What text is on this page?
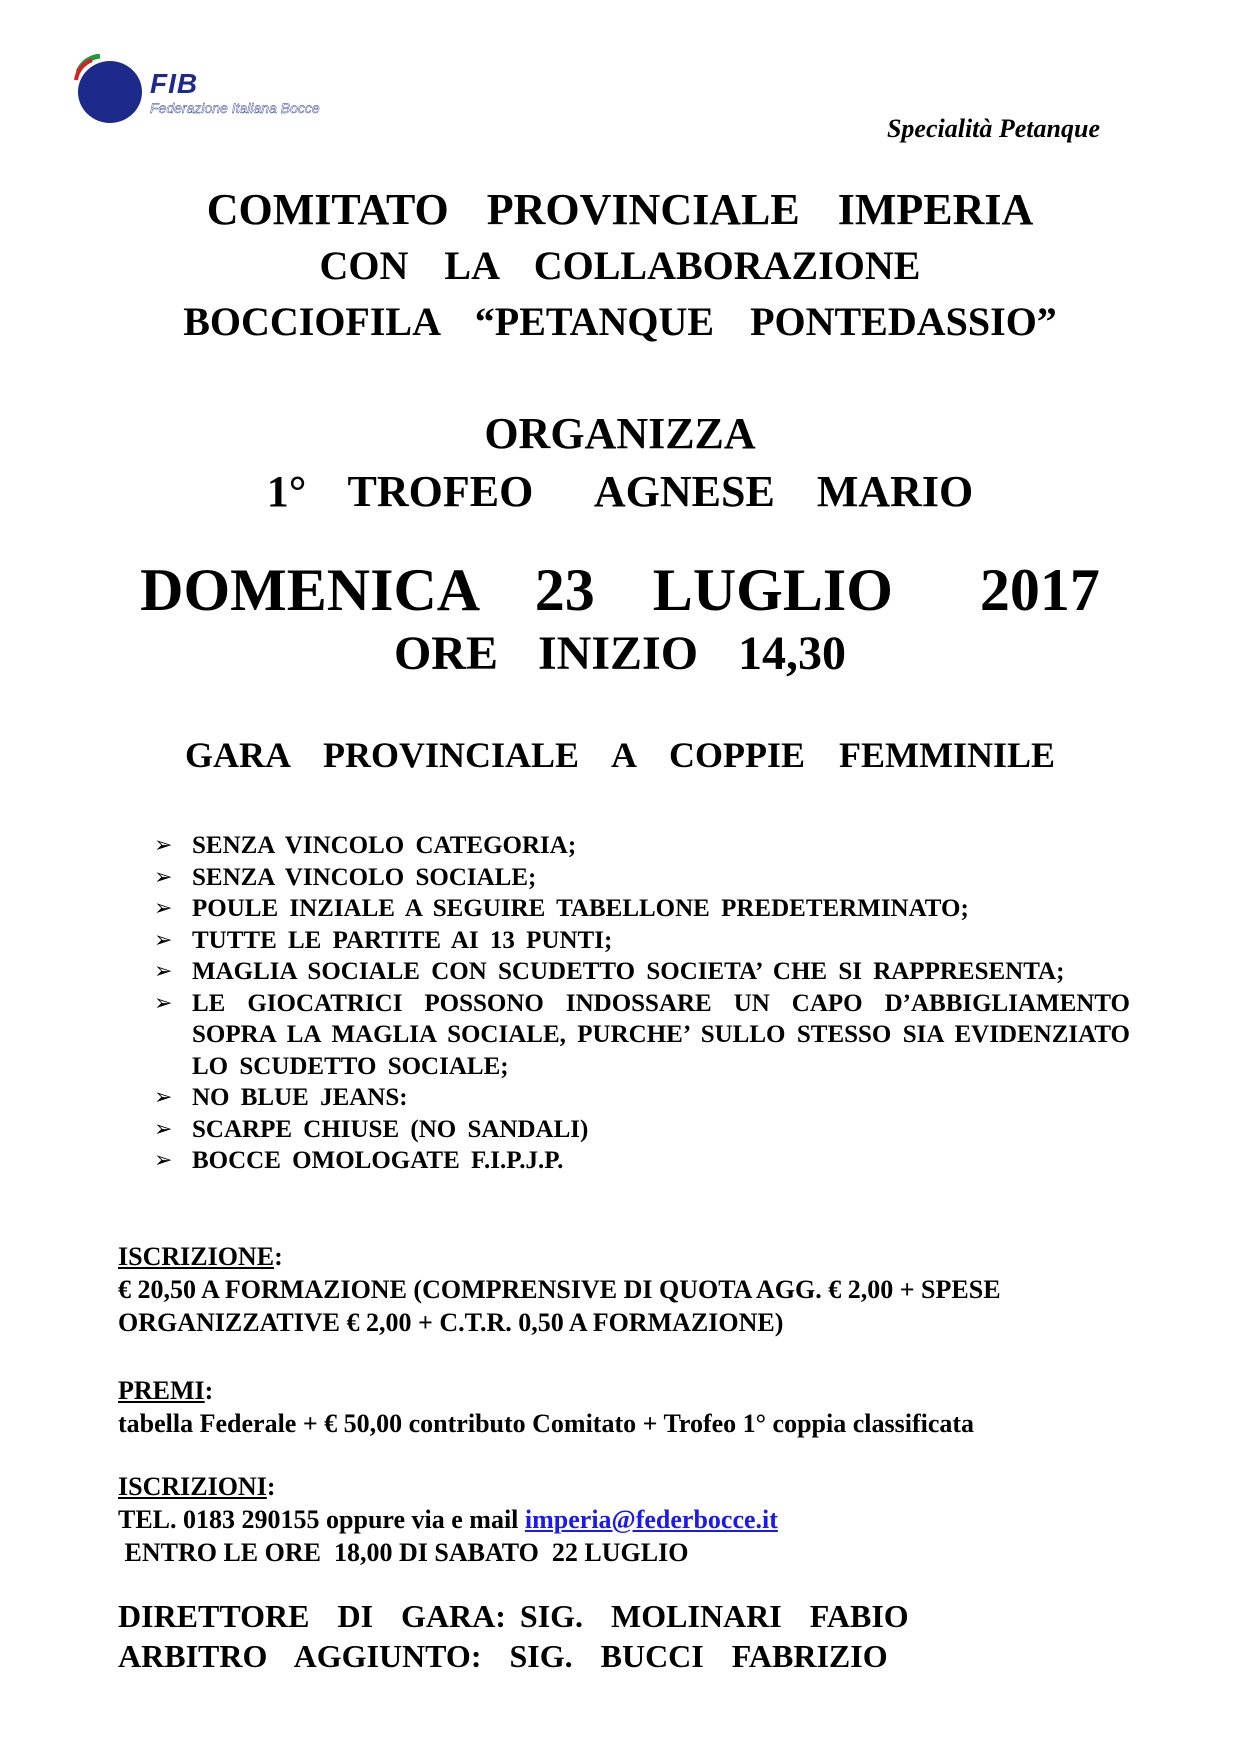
FIB
Federazione Italiana Bocce
Specialità Petanque
COMITATO  PROVINCIALE  IMPERIA
CON  LA  COLLABORAZIONE
BOCCIOFILA  “PETANQUE  PONTEDASSIO”
ORGANIZZA
1°  TROFEO   AGNESE  MARIO
DOMENICA  23  LUGLIO   2017
ORE  INIZIO  14,30
GARA  PROVINCIALE  A  COPPIE  FEMMINILE
➢ SENZA VINCOLO CATEGORIA;
➢ SENZA VINCOLO SOCIALE;
➢ POULE INZIALE A SEGUIRE TABELLONE PREDETERMINATO;
➢ TUTTE LE PARTITE AI 13 PUNTI;
➢ MAGLIA SOCIALE CON SCUDETTO SOCIETA’ CHE SI RAPPRESENTA;
➢ LE GIOCATRICI POSSONO INDOSSARE UN CAPO D’ABBIGLIAMENTO SOPRA LA MAGLIA SOCIALE, PURCHE’ SULLO STESSO SIA EVIDENZIATO LO SCUDETTO SOCIALE;
➢ NO BLUE JEANS:
➢ SCARPE CHIUSE (NO SANDALI)
➢ BOCCE OMOLOGATE F.I.P.J.P.
ISCRIZIONE:
€ 20,50 A FORMAZIONE (COMPRENSIVE DI QUOTA AGG. € 2,00 + SPESE
ORGANIZZATIVE € 2,00 + C.T.R. 0,50 A FORMAZIONE)
PREMI:
tabella Federale + € 50,00 contributo Comitato + Trofeo 1° coppia classificata
ISCRIZIONI:
TEL. 0183 290155 oppure via e mail imperia@federbocce.it
ENTRO LE ORE  18,00 DI SABATO  22 LUGLIO
DIRETTORE  DI  GARA: SIG.  MOLINARI  FABIO
ARBITRO  AGGIUNTO:  SIG.  BUCCI  FABRIZIO
